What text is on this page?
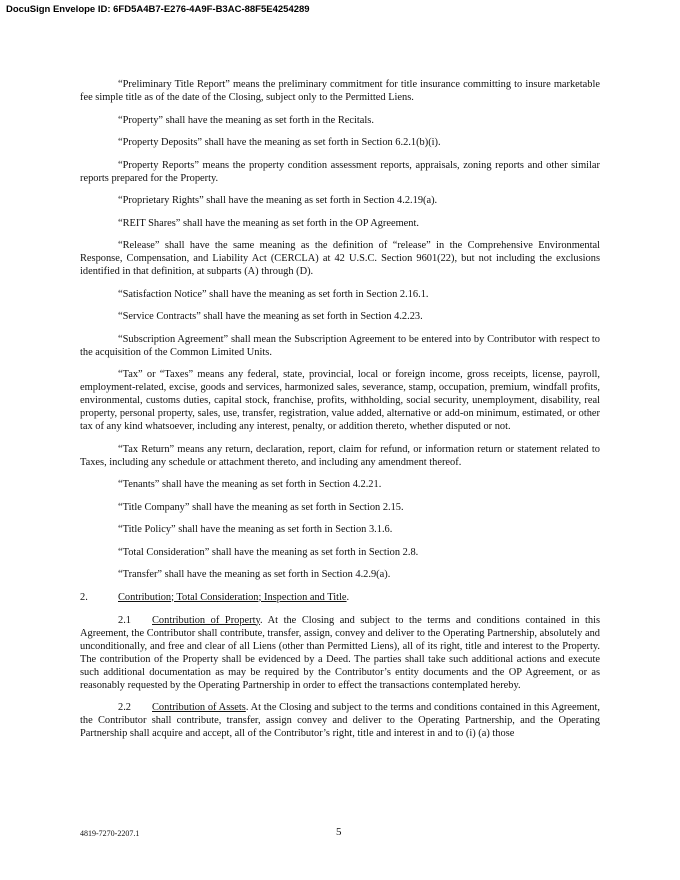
DocuSign Envelope ID: 6FD5A4B7-E276-4A9F-B3AC-88F5E4254289

“Preliminary Title Report” means the preliminary commitment for title insurance committing to insure marketable fee simple title as of the date of the Closing, subject only to the Permitted Liens.

“Property” shall have the meaning as set forth in the Recitals.

“Property Deposits” shall have the meaning as set forth in Section 6.2.1(b)(i).

“Property Reports” means the property condition assessment reports, appraisals, zoning reports and other similar reports prepared for the Property.

“Proprietary Rights” shall have the meaning as set forth in Section 4.2.19(a).

“REIT Shares” shall have the meaning as set forth in the OP Agreement.

“Release” shall have the same meaning as the definition of “release” in the Comprehensive Environmental Response, Compensation, and Liability Act (CERCLA) at 42 U.S.C. Section 9601(22), but not including the exclusions identified in that definition, at subparts (A) through (D).

“Satisfaction Notice” shall have the meaning as set forth in Section 2.16.1.

“Service Contracts” shall have the meaning as set forth in Section 4.2.23.

“Subscription Agreement” shall mean the Subscription Agreement to be entered into by Contributor with respect to the acquisition of the Common Limited Units.

“Tax” or “Taxes” means any federal, state, provincial, local or foreign income, gross receipts, license, payroll, employment-related, excise, goods and services, harmonized sales, severance, stamp, occupation, premium, windfall profits, environmental, customs duties, capital stock, franchise, profits, withholding, social security, unemployment, disability, real property, personal property, sales, use, transfer, registration, value added, alternative or add-on minimum, estimated, or other tax of any kind whatsoever, including any interest, penalty, or addition thereto, whether disputed or not.

“Tax Return” means any return, declaration, report, claim for refund, or information return or statement related to Taxes, including any schedule or attachment thereto, and including any amendment thereof.

“Tenants” shall have the meaning as set forth in Section 4.2.21.

“Title Company” shall have the meaning as set forth in Section 2.15.

“Title Policy” shall have the meaning as set forth in Section 3.1.6.

“Total Consideration” shall have the meaning as set forth in Section 2.8.

“Transfer” shall have the meaning as set forth in Section 4.2.9(a).

2.	Contribution; Total Consideration; Inspection and Title.

2.1 Contribution of Property. At the Closing and subject to the terms and conditions contained in this Agreement, the Contributor shall contribute, transfer, assign, convey and deliver to the Operating Partnership, absolutely and unconditionally, and free and clear of all Liens (other than Permitted Liens), all of its right, title and interest to the Property. The contribution of the Property shall be evidenced by a Deed. The parties shall take such additional actions and execute such additional documentation as may be required by the Contributor’s entity documents and the OP Agreement, or as reasonably requested by the Operating Partnership in order to effect the transactions contemplated hereby.

2.2 Contribution of Assets. At the Closing and subject to the terms and conditions contained in this Agreement, the Contributor shall contribute, transfer, assign convey and deliver to the Operating Partnership, and the Operating Partnership shall acquire and accept, all of the Contributor’s right, title and interest in and to (i) (a) those

4819-7270-2207.1	5
